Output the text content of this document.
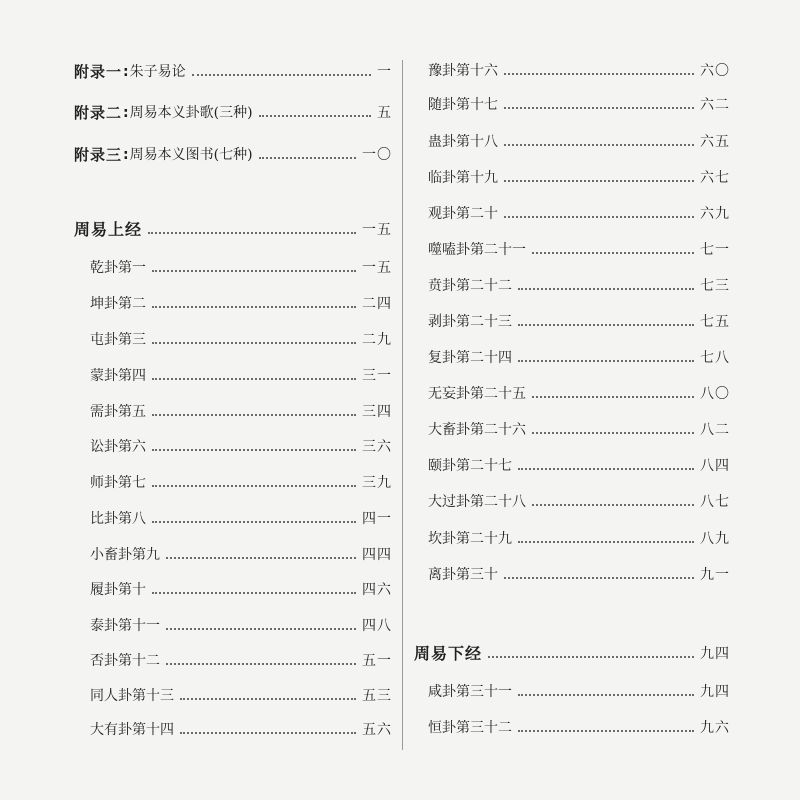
附录一 : 朱子易论	一
附录二 : 周易本义卦歌(三种)	五
附录三 : 周易本义图书(七种)	一〇
周易上经	一五
乾卦第一	一五
坤卦第二	二四
屯卦第三	二九
蒙卦第四	三一
需卦第五	三四
讼卦第六	三六
师卦第七	三九
比卦第八	四一
小畜卦第九	四四
履卦第十	四六
泰卦第十一	四八
否卦第十二	五一
同人卦第十三	五三
大有卦第十四	五六
豫卦第十六	六〇
随卦第十七	六二
蛊卦第十八	六五
临卦第十九	六七
观卦第二十	六九
噬嗑卦第二十一	七一
贲卦第二十二	七三
剥卦第二十三	七五
复卦第二十四	七八
无妄卦第二十五	八〇
大畜卦第二十六	八二
颐卦第二十七	八四
大过卦第二十八	八七
坎卦第二十九	八九
离卦第三十	九一
周易下经	九四
咸卦第三十一	九四
恒卦第三十二	九六
